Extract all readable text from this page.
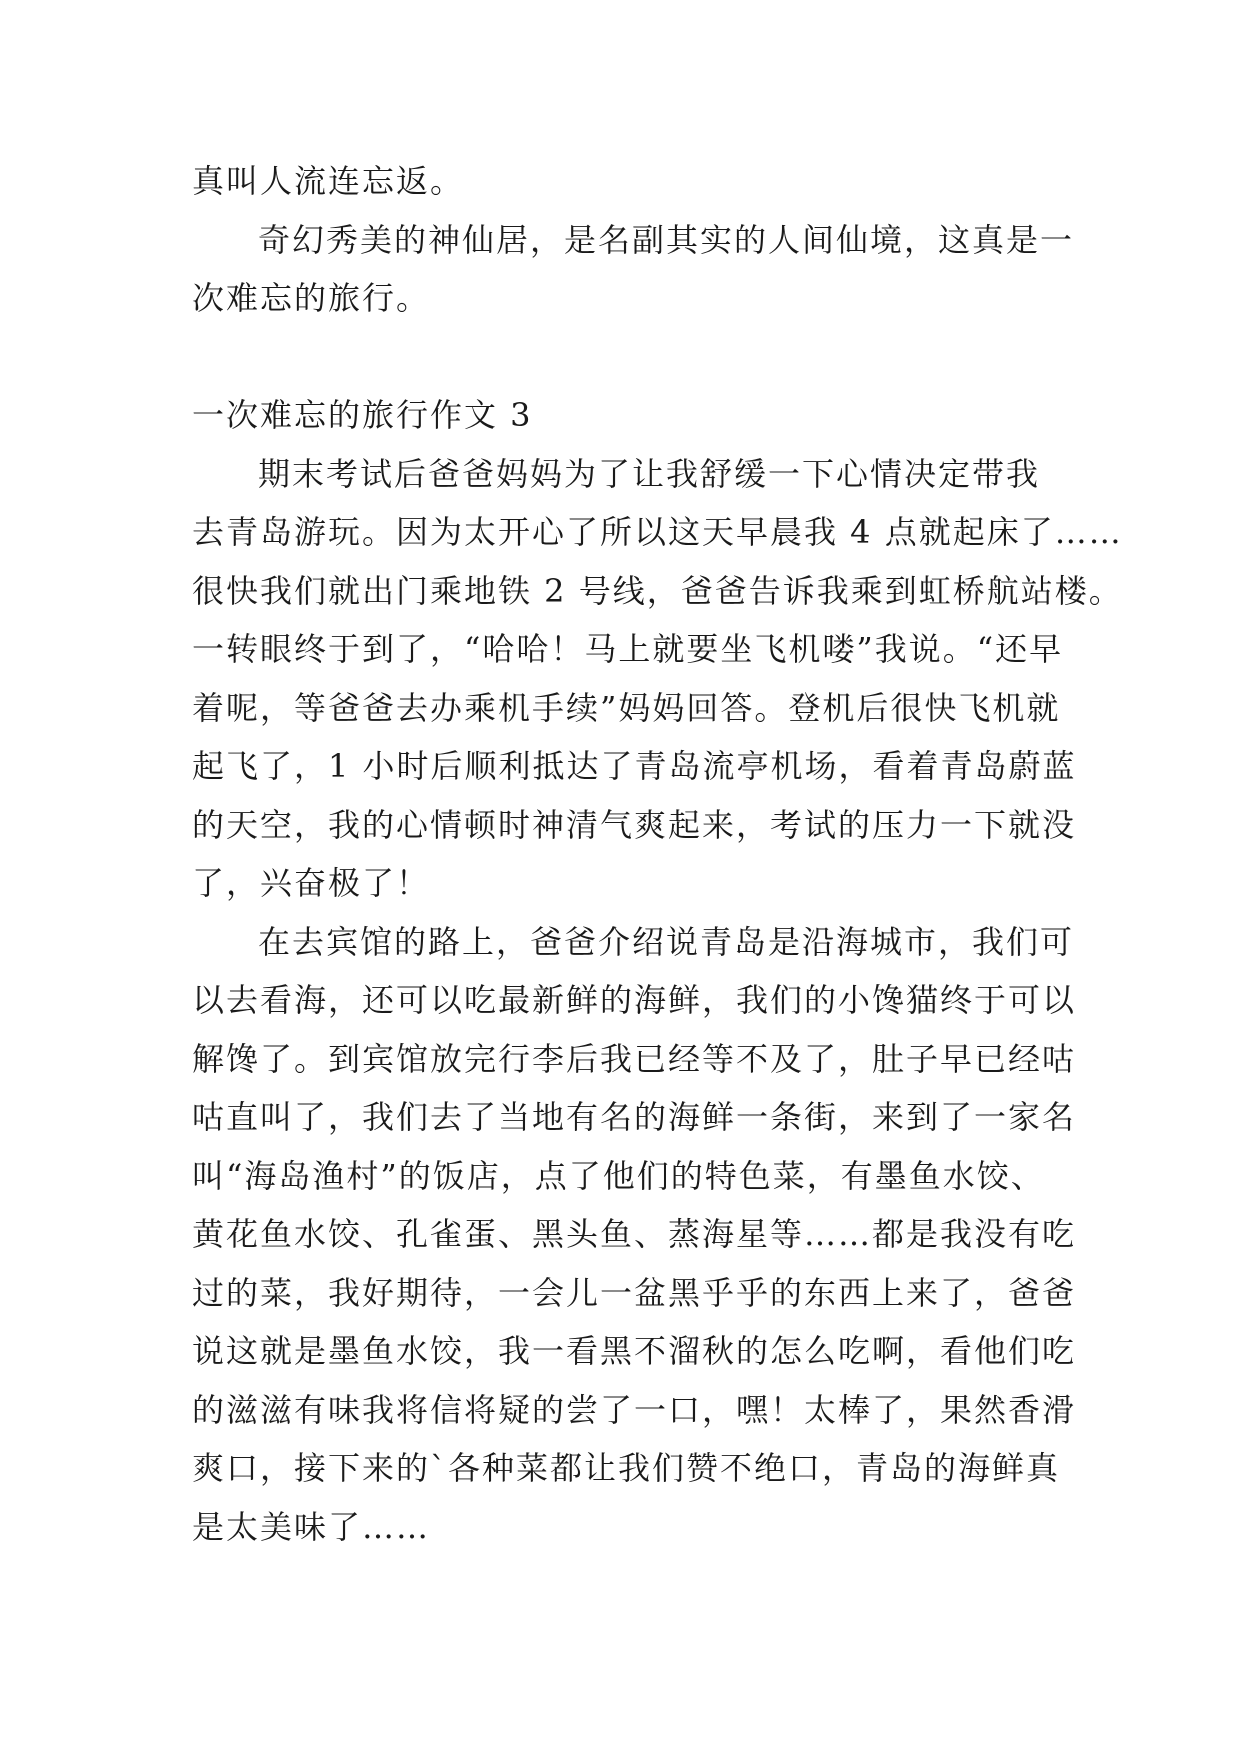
真叫人流连忘返。
奇幻秀美的神仙居，是名副其实的人间仙境，这真是一
次难忘的旅行。
一次难忘的旅行作文 3
期末考试后爸爸妈妈为了让我舒缓一下心情决定带我
去青岛游玩。因为太开心了所以这天早晨我 4 点就起床了……
很快我们就出门乘地铁 2 号线，爸爸告诉我乘到虹桥航站楼。
一转眼终于到了，“哈哈！马上就要坐飞机喽”我说。“还早
着呢，等爸爸去办乘机手续”妈妈回答。登机后很快飞机就
起飞了，1 小时后顺利抵达了青岛流亭机场，看着青岛蔚蓝
的天空，我的心情顿时神清气爽起来，考试的压力一下就没
了，兴奋极了！
在去宾馆的路上，爸爸介绍说青岛是沿海城市，我们可
以去看海，还可以吃最新鲜的海鲜，我们的小馋猫终于可以
解馋了。到宾馆放完行李后我已经等不及了，肚子早已经咕
咕直叫了，我们去了当地有名的海鲜一条街，来到了一家名
叫“海岛渔村”的饭店，点了他们的特色菜，有墨鱼水饺、
黄花鱼水饺、孔雀蛋、黑头鱼、蒸海星等……都是我没有吃
过的菜，我好期待，一会儿一盆黑乎乎的东西上来了，爸爸
说这就是墨鱼水饺，我一看黑不溜秋的怎么吃啊，看他们吃
的滋滋有味我将信将疑的尝了一口，嘿！太棒了，果然香滑
爽口，接下来的`各种菜都让我们赞不绝口，青岛的海鲜真
是太美味了……
